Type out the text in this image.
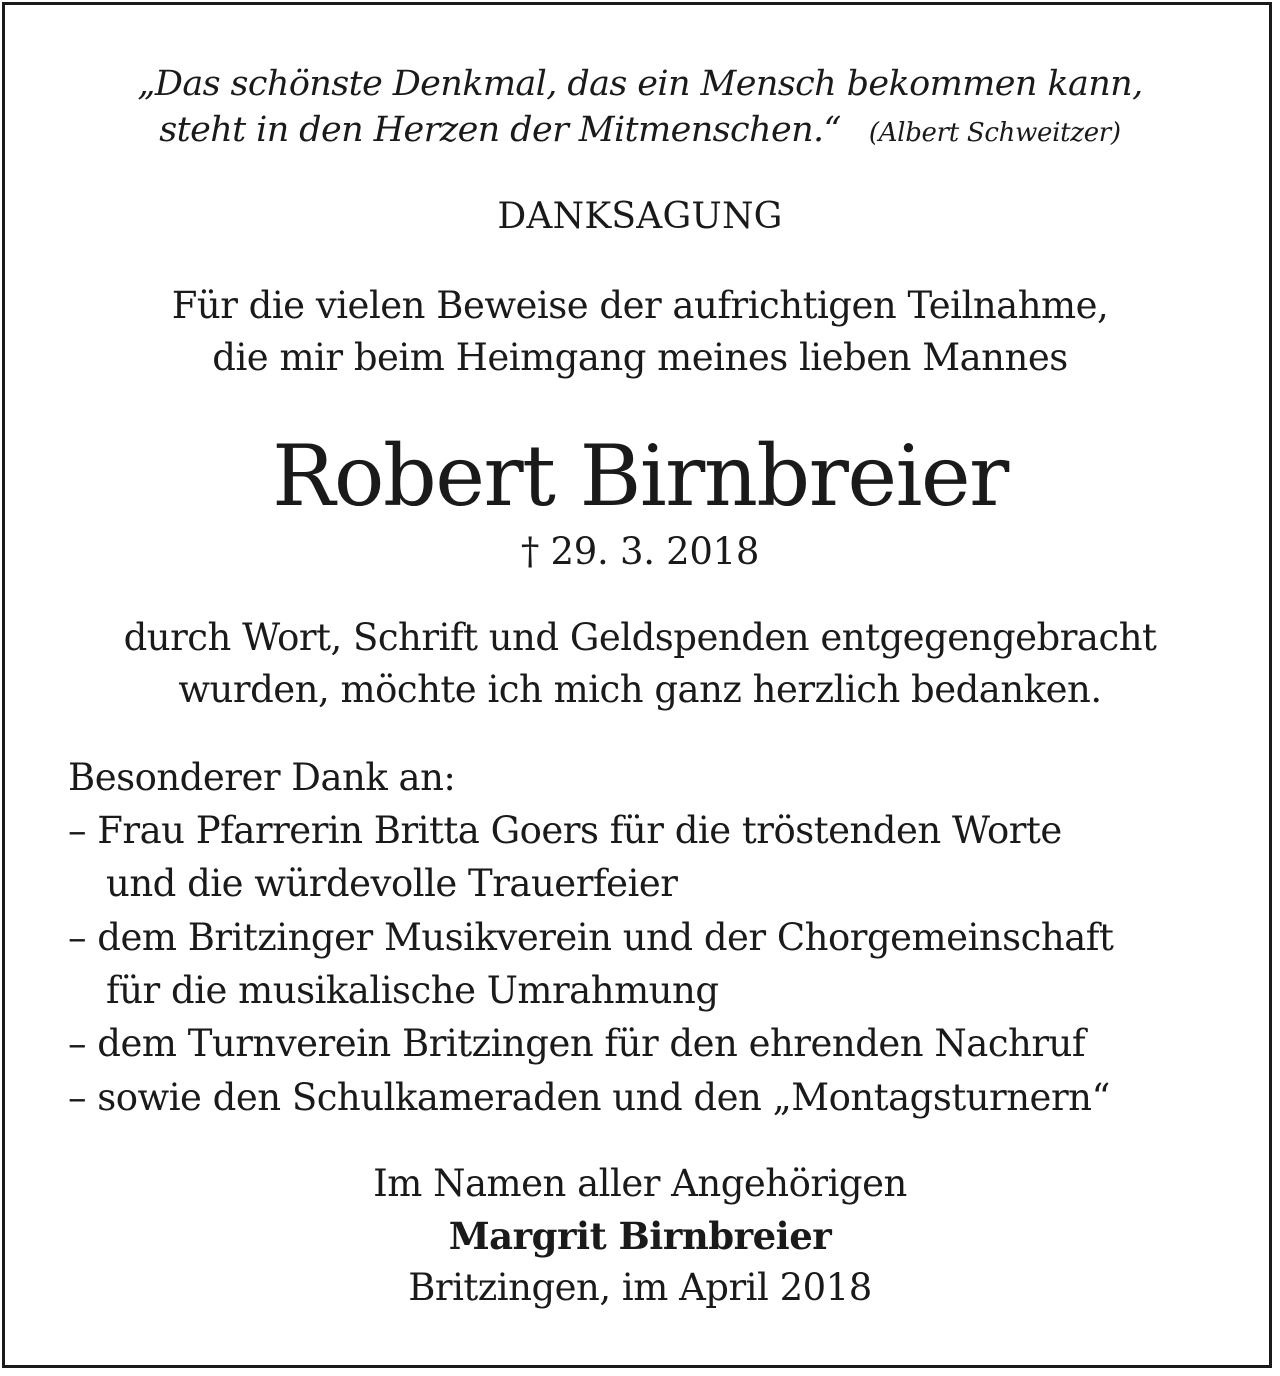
„Das schönste Denkmal, das ein Mensch bekommen kann,
steht in den Herzen der Mitmenschen.“ (Albert Schweitzer)
DANKSAGUNG
Für die vielen Beweise der aufrichtigen Teilnahme,
die mir beim Heimgang meines lieben Mannes
Robert Birnbreier
† 29. 3. 2018
durch Wort, Schrift und Geldspenden entgegengebracht
wurden, möchte ich mich ganz herzlich bedanken.
Besonderer Dank an:
– Frau Pfarrerin Britta Goers für die tröstenden Worte
und die würdevolle Trauerfeier
– dem Britzinger Musikverein und der Chorgemeinschaft
für die musikalische Umrahmung
– dem Turnverein Britzingen für den ehrenden Nachruf
– sowie den Schulkameraden und den „Montagsturnern“
Im Namen aller Angehörigen
Margrit Birnbreier
Britzingen, im April 2018
